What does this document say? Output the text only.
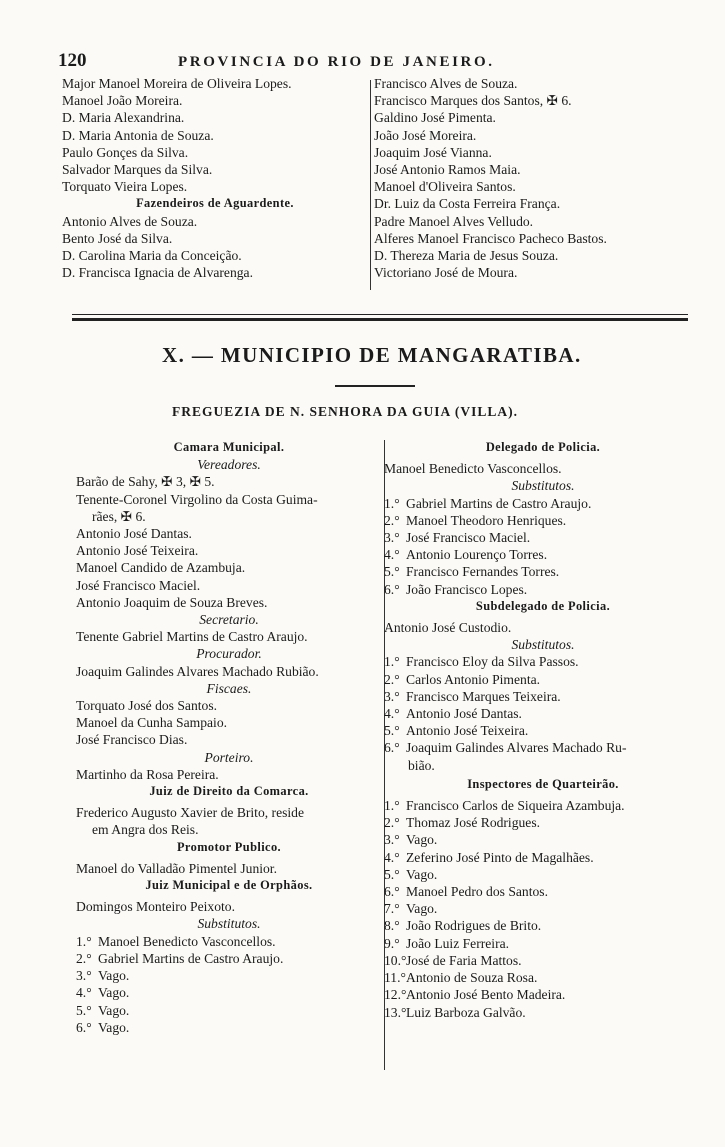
120	PROVINCIA DO RIO DE JANEIRO.
Major Manoel Moreira de Oliveira Lopes.
Manoel João Moreira.
D. Maria Alexandrina.
D. Maria Antonia de Souza.
Paulo Gonçes da Silva.
Salvador Marques da Silva.
Torquato Vieira Lopes.
Fazendeiros de Aguardente.
Antonio Alves de Souza.
Bento José da Silva.
D. Carolina Maria da Conceição.
D. Francisca Ignacia de Alvarenga.
Francisco Alves de Souza.
Francisco Marques dos Santos, ✠ 6.
Galdino José Pimenta.
João José Moreira.
Joaquim José Vianna.
José Antonio Ramos Maia.
Manoel d'Oliveira Santos.
Dr. Luiz da Costa Ferreira França.
Padre Manoel Alves Velludo.
Alferes Manoel Francisco Pacheco Bastos.
D. Thereza Maria de Jesus Souza.
Victoriano José de Moura.
X. — MUNICIPIO DE MANGARATIBA.
FREGUEZIA DE N. SENHORA DA GUIA (VILLA).
Camara Municipal.
Vereadores.
Barão de Sahy, ✠ 3, ✠ 5.
Tenente-Coronel Virgolino da Costa Guima-
rães, ✠ 6.
Antonio José Dantas.
Antonio José Teixeira.
Manoel Candido de Azambuja.
José Francisco Maciel.
Antonio Joaquim de Souza Breves.
Secretario.
Tenente Gabriel Martins de Castro Araujo.
Procurador.
Joaquim Galindes Alvares Machado Rubião.
Fiscaes.
Torquato José dos Santos.
Manoel da Cunha Sampaio.
José Francisco Dias.
Porteiro.
Martinho da Rosa Pereira.
Juiz de Direito da Comarca.
Frederico Augusto Xavier de Brito, reside
em Angra dos Reis.
Promotor Publico.
Manoel do Valladão Pimentel Junior.
Juiz Municipal e de Orphãos.
Domingos Monteiro Peixoto.
Substitutos.
1.° Manoel Benedicto Vasconcellos.
2.° Gabriel Martins de Castro Araujo.
3.° Vago.
4.° Vago.
5.° Vago.
6.° Vago.
Delegado de Policia.
Manoel Benedicto Vasconcellos.
Substitutos.
1.° Gabriel Martins de Castro Araujo.
2.° Manoel Theodoro Henriques.
3.° José Francisco Maciel.
4.° Antonio Lourenço Torres.
5.° Francisco Fernandes Torres.
6.° João Francisco Lopes.
Subdelegado de Policia.
Antonio José Custodio.
Substitutos.
1.° Francisco Eloy da Silva Passos.
2.° Carlos Antonio Pimenta.
3.° Francisco Marques Teixeira.
4.° Antonio José Dantas.
5.° Antonio José Teixeira.
6.° Joaquim Galindes Alvares Machado Ru-
bião.
Inspectores de Quarteirão.
1.° Francisco Carlos de Siqueira Azambuja.
2.° Thomaz José Rodrigues.
3.° Vago.
4.° Zeferino José Pinto de Magalhães.
5.° Vago.
6.° Manoel Pedro dos Santos.
7.° Vago.
8.° João Rodrigues de Brito.
9.° João Luiz Ferreira.
10.°José de Faria Mattos.
11.°Antonio de Souza Rosa.
12.°Antonio José Bento Madeira.
13.°Luiz Barboza Galvão.
